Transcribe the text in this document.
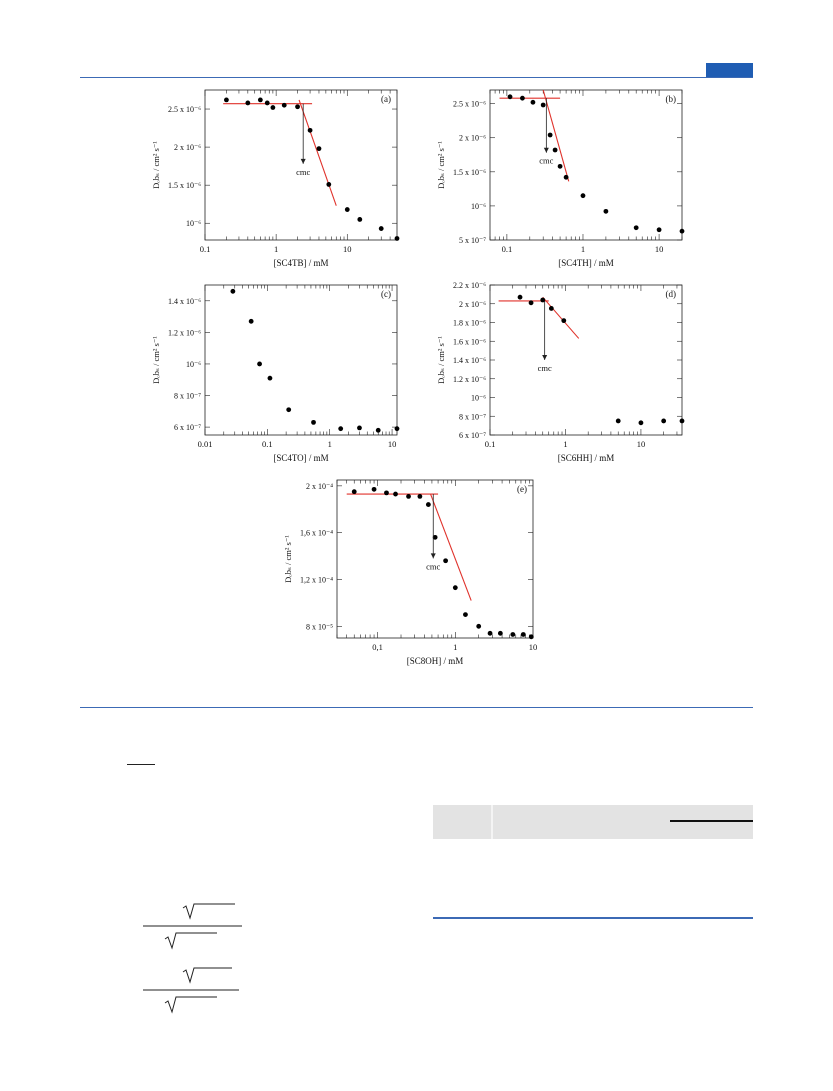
0.1	1	10
10⁻⁶
1.5 x 10⁻⁶
2 x 10⁻⁶
2.5 x 10⁻⁶
[SC4TB] / mM
Dₒbₛ / cm² s⁻¹
(a)
cmc
0.1	1	10
5 x 10⁻⁷
10⁻⁶
1.5 x 10⁻⁶
2 x 10⁻⁶
2.5 x 10⁻⁶
[SC4TH] / mM
Dₒbₛ / cm² s⁻¹
(b)
cmc
0.01	0.1	1	10
6 x 10⁻⁷
8 x 10⁻⁷
10⁻⁶
1.2 x 10⁻⁶
1.4 x 10⁻⁶
[SC4TO] / mM
Dₒbₛ / cm² s⁻¹
(c)
0.1	1	10
6 x 10⁻⁷
8 x 10⁻⁷
10⁻⁶
1.2 x 10⁻⁶
1.4 x 10⁻⁶
1.6 x 10⁻⁶
1.8 x 10⁻⁶
2 x 10⁻⁶
2.2 x 10⁻⁶
[SC6HH] / mM
Dₒbₛ / cm² s⁻¹
(d)
cmc
0,1	1	10
8 x 10⁻⁵
1,2 x 10⁻⁴
1,6 x 10⁻⁴
2 x 10⁻⁴
[SC8OH] / mM
Dₒbₛ / cm² s⁻¹
(e)
cmc
